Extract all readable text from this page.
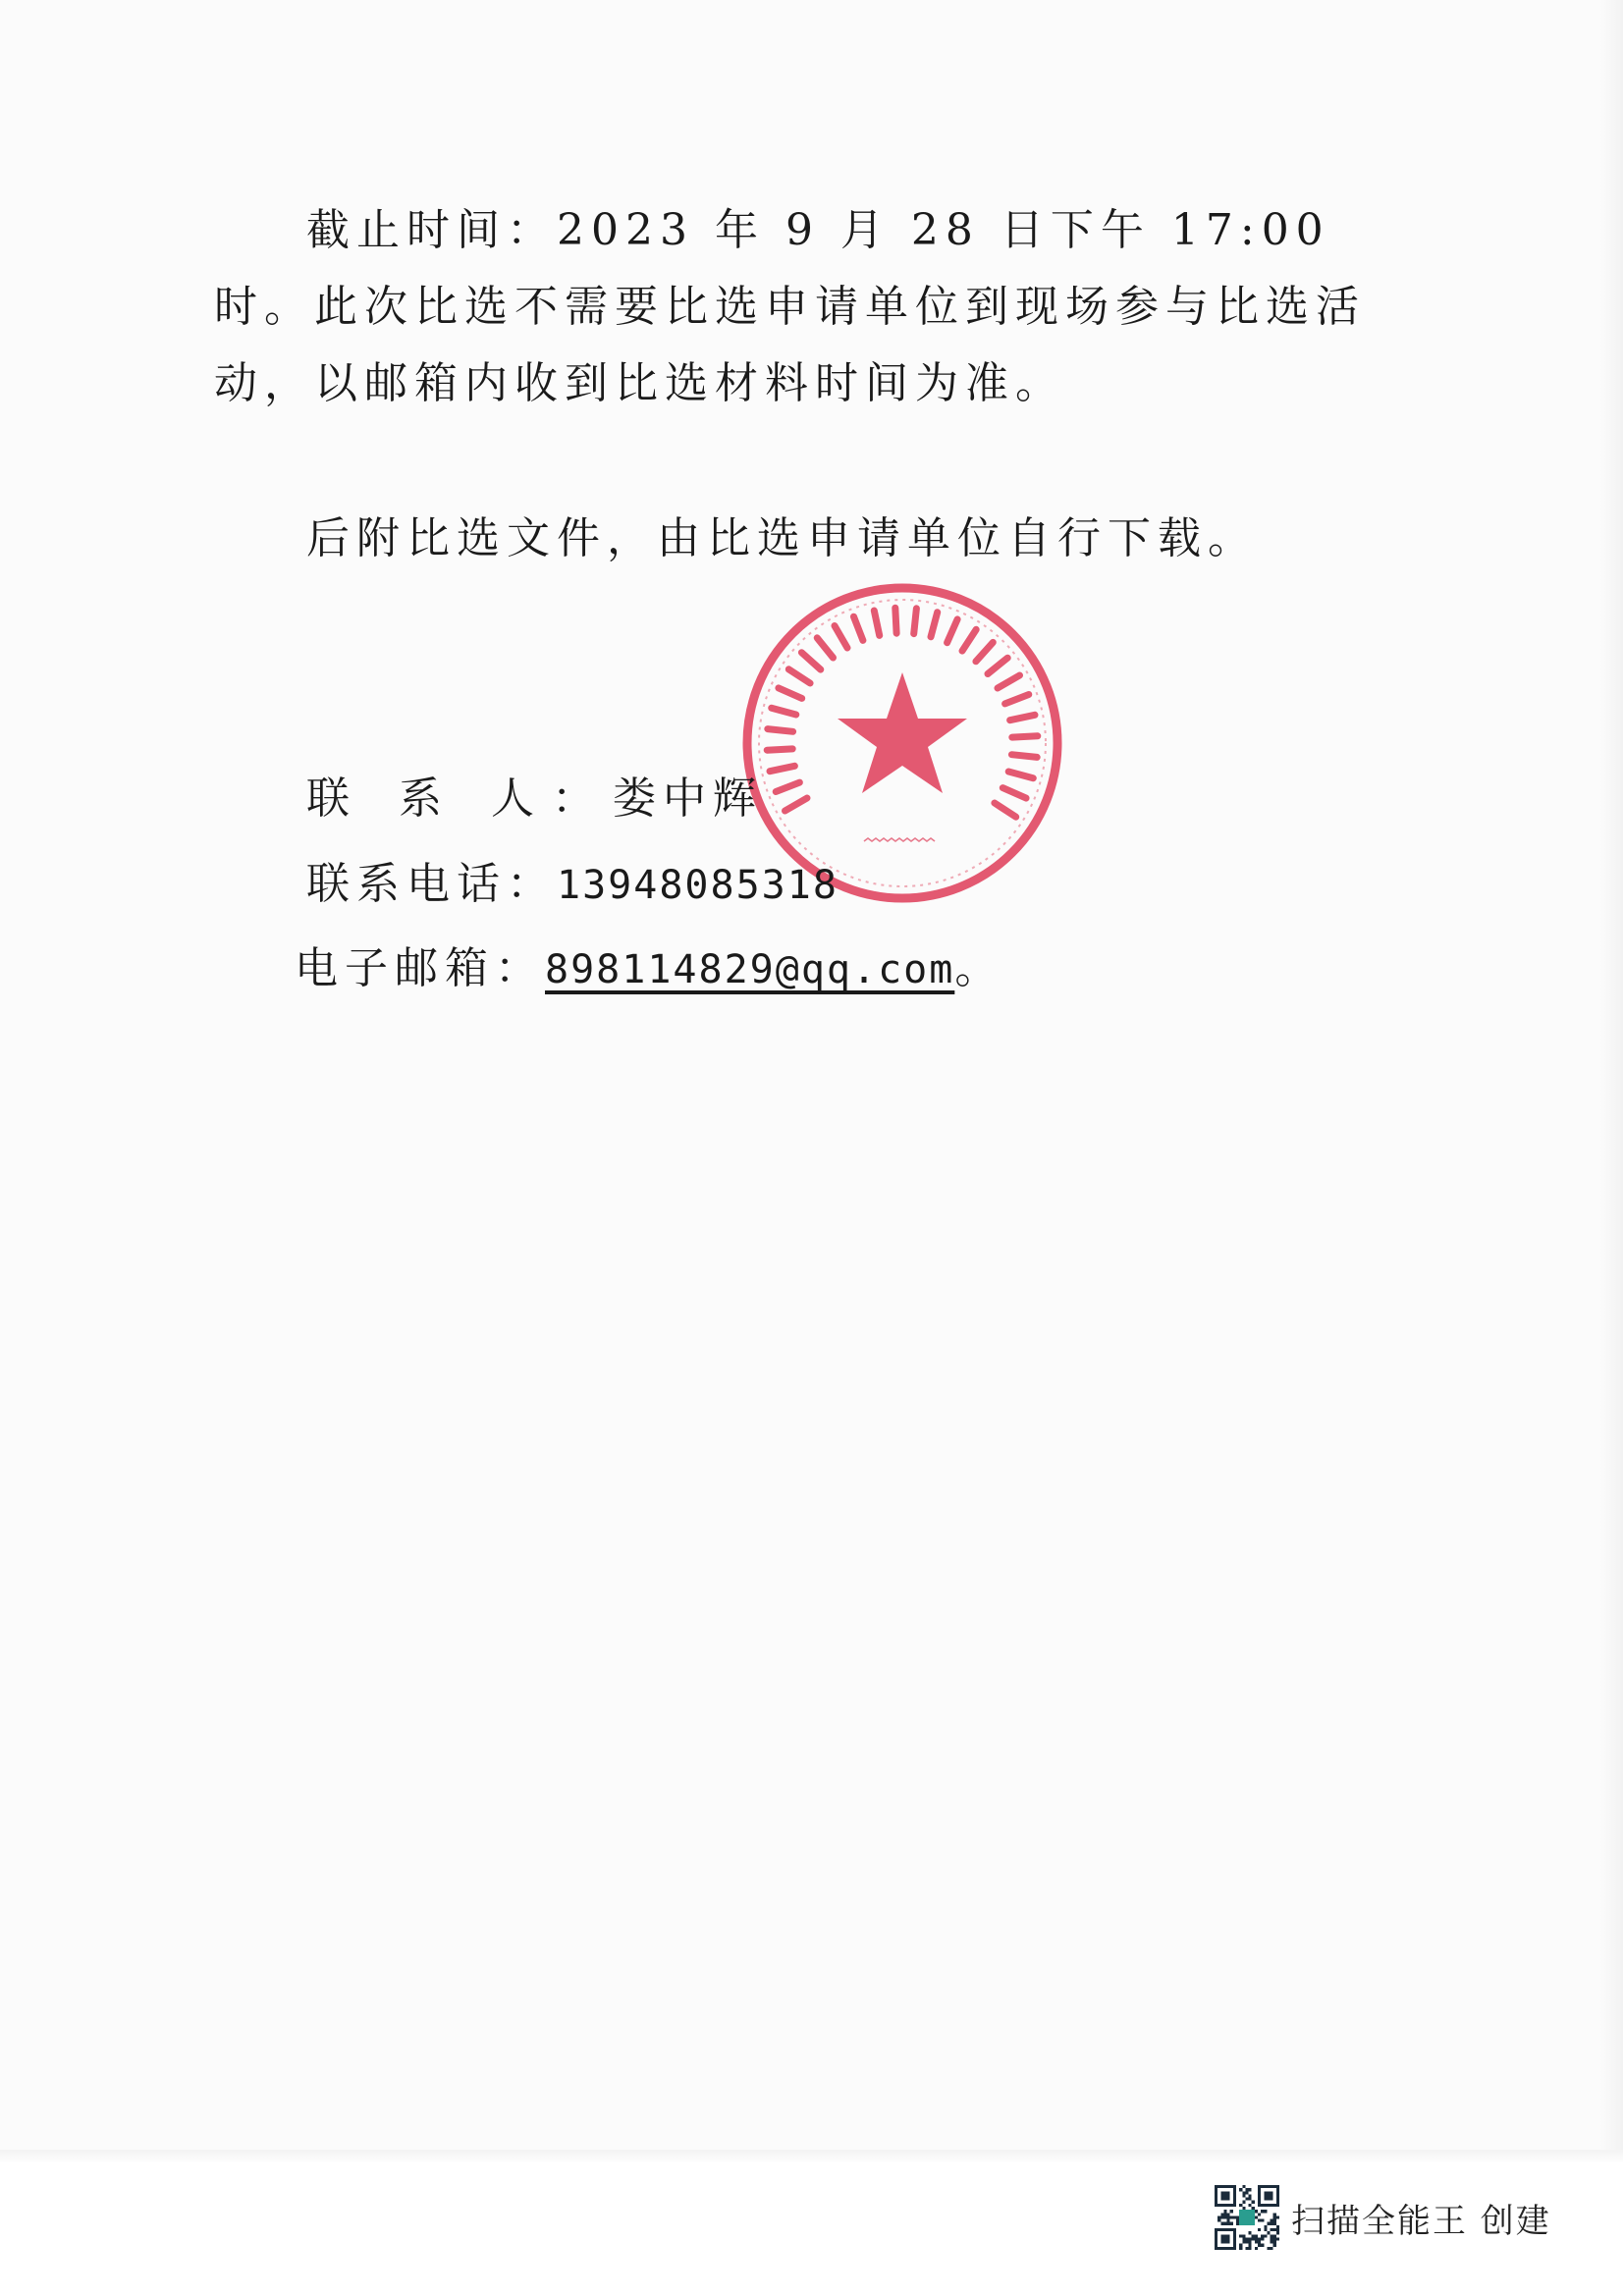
截止时间：2023 年 9 月 28 日下午 17:00 时。此次比选不需要比选申请单位到现场参与比选活动，以邮箱内收到比选材料时间为准。

后附比选文件，由比选申请单位自行下载。

联 系 人：娄中辉
联系电话：13948085318
电子邮箱：898114829@qq.com。
扫描全能王 创建
